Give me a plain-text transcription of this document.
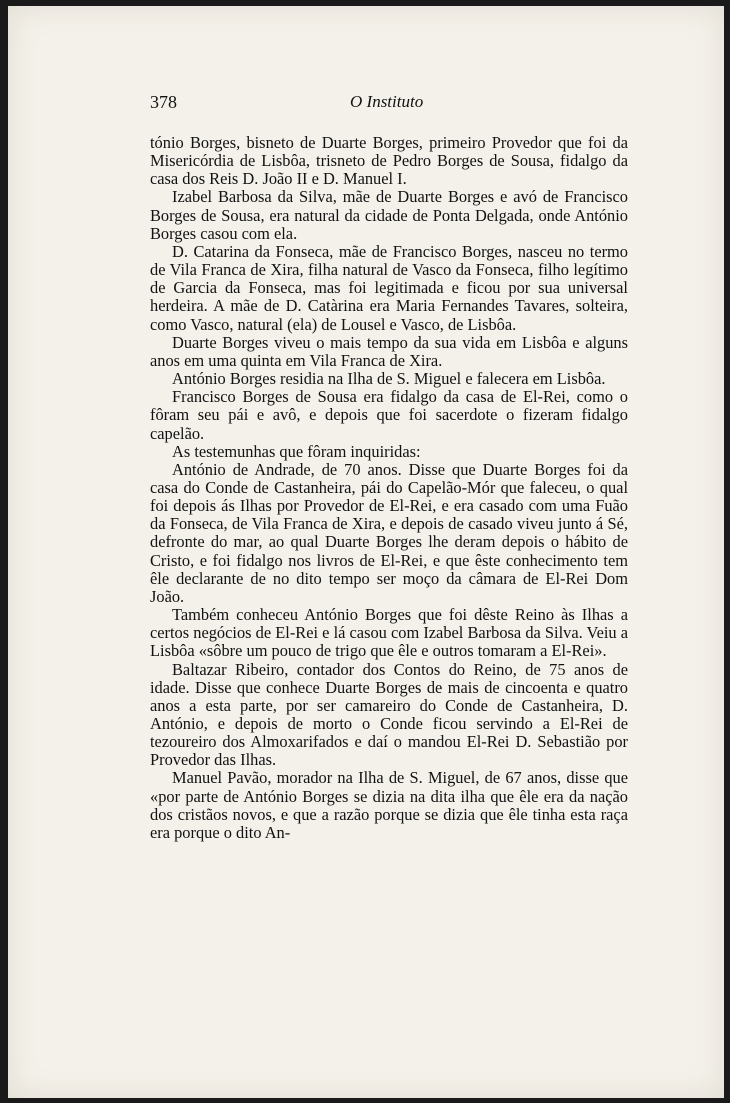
378	O Instituto

tónio Borges, bisneto de Duarte Borges, primeiro Provedor que foi da Misericórdia de Lisbôa, trisneto de Pedro Borges de Sousa, fidalgo da casa dos Reis D. João II e D. Manuel I.

Izabel Barbosa da Silva, mãe de Duarte Borges e avó de Francisco Borges de Sousa, era natural da cidade de Ponta Delgada, onde António Borges casou com ela.

D. Catarina da Fonseca, mãe de Francisco Borges, nasceu no termo de Vila Franca de Xira, filha natural de Vasco da Fonseca, filho legítimo de Garcia da Fonseca, mas foi legitimada e ficou por sua universal herdeira. A mãe de D. Catàrina era Maria Fernandes Tavares, solteira, como Vasco, natural (ela) de Lousel e Vasco, de Lisbôa.

Duarte Borges viveu o mais tempo da sua vida em Lisbôa e alguns anos em uma quinta em Vila Franca de Xira.

António Borges residia na Ilha de S. Miguel e falecera em Lisbôa.

Francisco Borges de Sousa era fidalgo da casa de El-Rei, como o fôram seu pái e avô, e depois que foi sacerdote o fizeram fidalgo capelão.

As testemunhas que fôram inquiridas:

António de Andrade, de 70 anos. Disse que Duarte Borges foi da casa do Conde de Castanheira, pái do Capelão-Mór que faleceu, o qual foi depois ás Ilhas por Provedor de El-Rei, e era casado com uma Fuão da Fonseca, de Vila Franca de Xira, e depois de casado viveu junto á Sé, defronte do mar, ao qual Duarte Borges lhe deram depois o hábito de Cristo, e foi fidalgo nos livros de El-Rei, e que êste conhecimento tem êle declarante de no dito tempo ser moço da câmara de El-Rei Dom João.

Também conheceu António Borges que foi dêste Reino às Ilhas a certos negócios de El-Rei e lá casou com Izabel Barbosa da Silva. Veiu a Lisbôa «sôbre um pouco de trigo que êle e outros tomaram a El-Rei».

Baltazar Ribeiro, contador dos Contos do Reino, de 75 anos de idade. Disse que conhece Duarte Borges de mais de cincoenta e quatro anos a esta parte, por ser camareiro do Conde de Castanheira, D. António, e depois de morto o Conde ficou servindo a El-Rei de tezoureiro dos Almoxarifados e daí o mandou El-Rei D. Sebastião por Provedor das Ilhas.

Manuel Pavão, morador na Ilha de S. Miguel, de 67 anos, disse que «por parte de António Borges se dizia na dita ilha que êle era da nação dos cristãos novos, e que a razão porque se dizia que êle tinha esta raça era porque o dito An-
